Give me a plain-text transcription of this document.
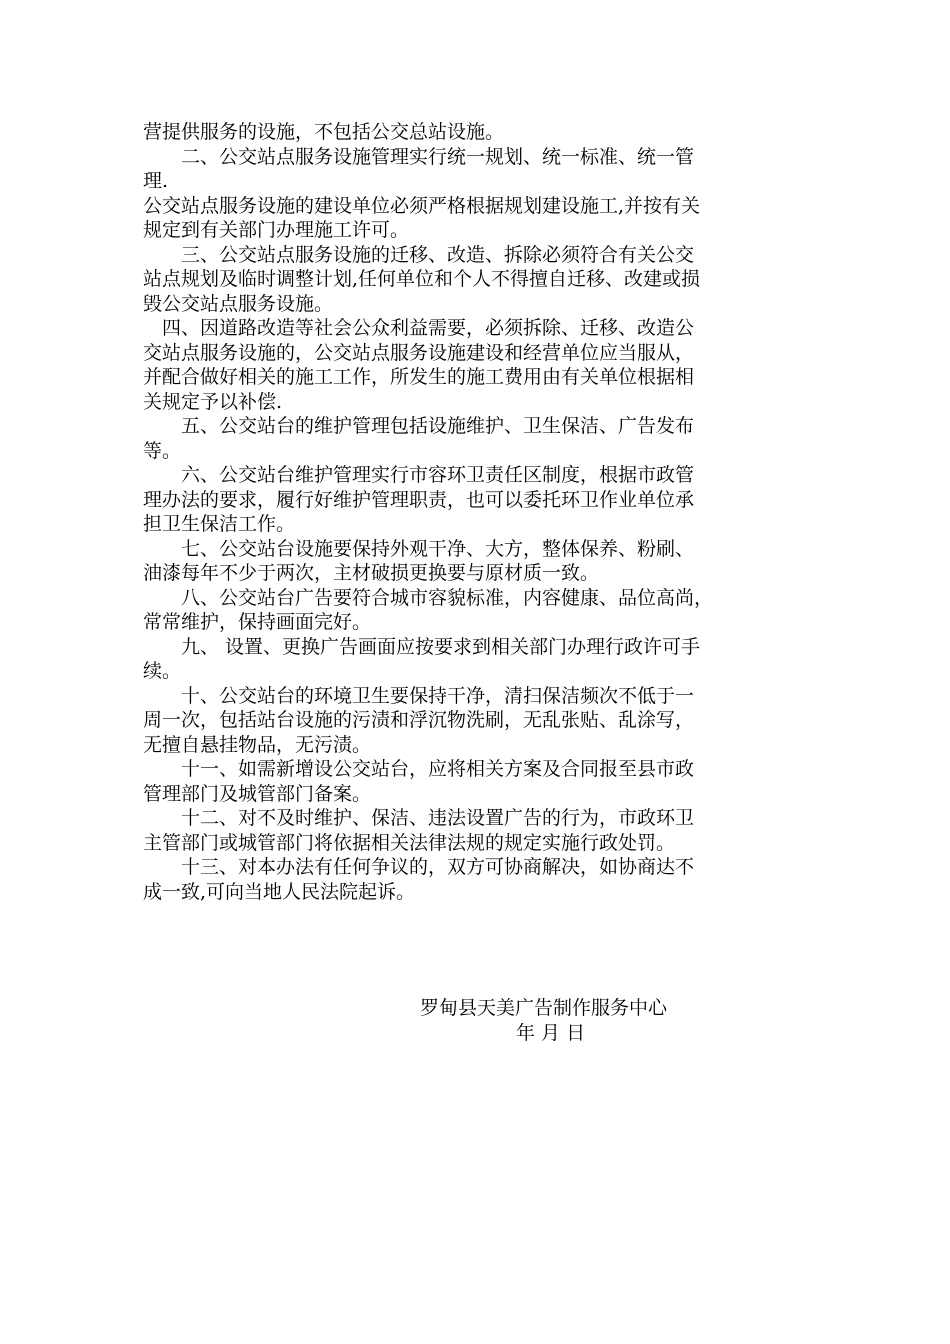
营提供服务的设施，不包括公交总站设施。

　　二、公交站点服务设施管理实行统一规划、统一标准、统一管

理.

公交站点服务设施的建设单位必须严格根据规划建设施工,并按有关

规定到有关部门办理施工许可。

　　三、公交站点服务设施的迁移、改造、拆除必须符合有关公交

站点规划及临时调整计划,任何单位和个人不得擅自迁移、改建或损

毁公交站点服务设施。

　四、因道路改造等社会公众利益需要，必须拆除、迁移、改造公

交站点服务设施的，公交站点服务设施建设和经营单位应当服从，

并配合做好相关的施工工作，所发生的施工费用由有关单位根据相

关规定予以补偿.

　　五、公交站台的维护管理包括设施维护、卫生保洁、广告发布

等。

　　六、公交站台维护管理实行市容环卫责任区制度，根据市政管

理办法的要求，履行好维护管理职责，也可以委托环卫作业单位承

担卫生保洁工作。

　　七、公交站台设施要保持外观干净、大方，整体保养、粉刷、

油漆每年不少于两次，主材破损更换要与原材质一致。

　　八、公交站台广告要符合城市容貌标准，内容健康、品位高尚，

常常维护，保持画面完好。

　　九、 设置、更换广告画面应按要求到相关部门办理行政许可手

续。

　　十、公交站台的环境卫生要保持干净，清扫保洁频次不低于一

周一次，包括站台设施的污渍和浮沉物洗刷，无乱张贴、乱涂写，

无擅自悬挂物品，无污渍。

　　十一、如需新增设公交站台，应将相关方案及合同报至县市政

管理部门及城管部门备案。

　　十二、对不及时维护、保洁、违法设置广告的行为，市政环卫

主管部门或城管部门将依据相关法律法规的规定实施行政处罚。

　　十三、对本办法有任何争议的，双方可协商解决，如协商达不

成一致,可向当地人民法院起诉。

罗甸县天美广告制作服务中心

年 月 日
